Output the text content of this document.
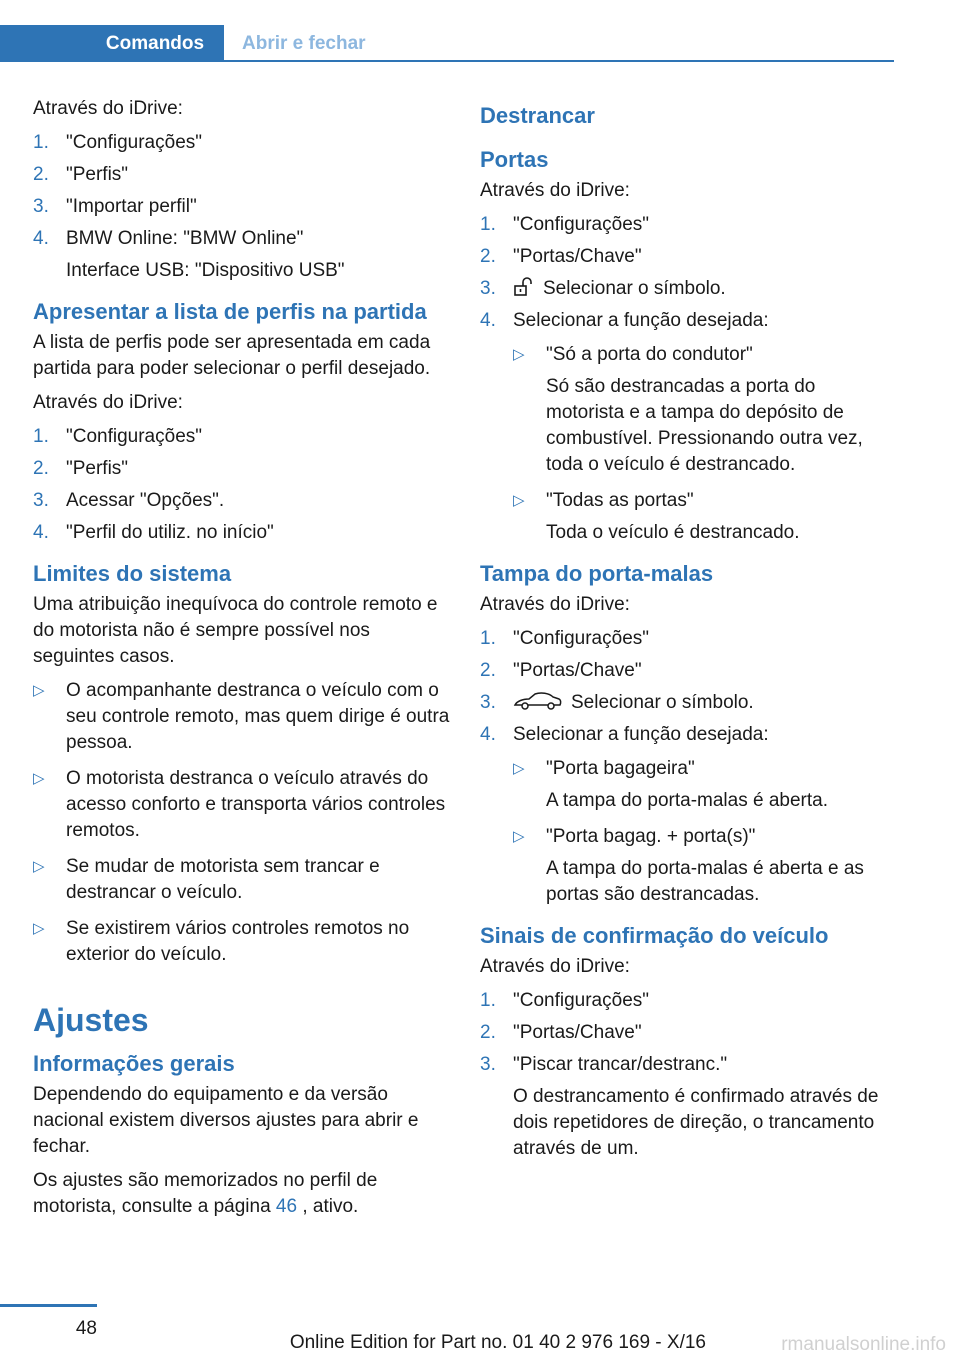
Comandos	Abrir e fechar

Através do iDrive:

1. "Configurações"
2. "Perfis"
3. "Importar perfil"
4. BMW Online: "BMW Online"
Interface USB: "Dispositivo USB"
Apresentar a lista de perfis na partida

A lista de perfis pode ser apresentada em cada partida para poder selecionar o perfil desejado.

Através do iDrive:

1. "Configurações"
2. "Perfis"
3. Acessar "Opções".
4. "Perfil do utiliz. no início"
Limites do sistema

Uma atribuição inequívoca do controle remoto e do motorista não é sempre possível nos seguintes casos.

▷ O acompanhante destranca o veículo com o seu controle remoto, mas quem dirige é outra pessoa.
▷ O motorista destranca o veículo através do acesso conforto e transporta vários controles remotos.
▷ Se mudar de motorista sem trancar e destrancar o veículo.
▷ Se existirem vários controles remotos no exterior do veículo.
Ajustes
Informações gerais

Dependendo do equipamento e da versão nacional existem diversos ajustes para abrir e fechar.

Os ajustes são memorizados no perfil de motorista, consulte a página 46 , ativo.

Destrancar
Portas

Através do iDrive:

1. "Configurações"
2. "Portas/Chave"
3. Selecionar o símbolo.
4. Selecionar a função desejada:
▷ "Só a porta do condutor"
Só são destrancadas a porta do motorista e a tampa do depósito de combustível. Pressionando outra vez, toda o veículo é destrancado.
▷ "Todas as portas"
Toda o veículo é destrancado.
Tampa do porta-malas

Através do iDrive:

1. "Configurações"
2. "Portas/Chave"
3.	Selecionar o símbolo.
4. Selecionar a função desejada:
▷ "Porta bagageira"
A tampa do porta-malas é aberta.
▷ "Porta bagag. + porta(s)"
A tampa do porta-malas é aberta e as portas são destrancadas.
Sinais de confirmação do veículo

Através do iDrive:

1. "Configurações"
2. "Portas/Chave"
3. "Piscar trancar/destranc."
O destrancamento é confirmado através de dois repetidores de direção, o trancamento através de um.
48
Online Edition for Part no. 01 40 2 976 169 - X/16	rmanualsonline.info
